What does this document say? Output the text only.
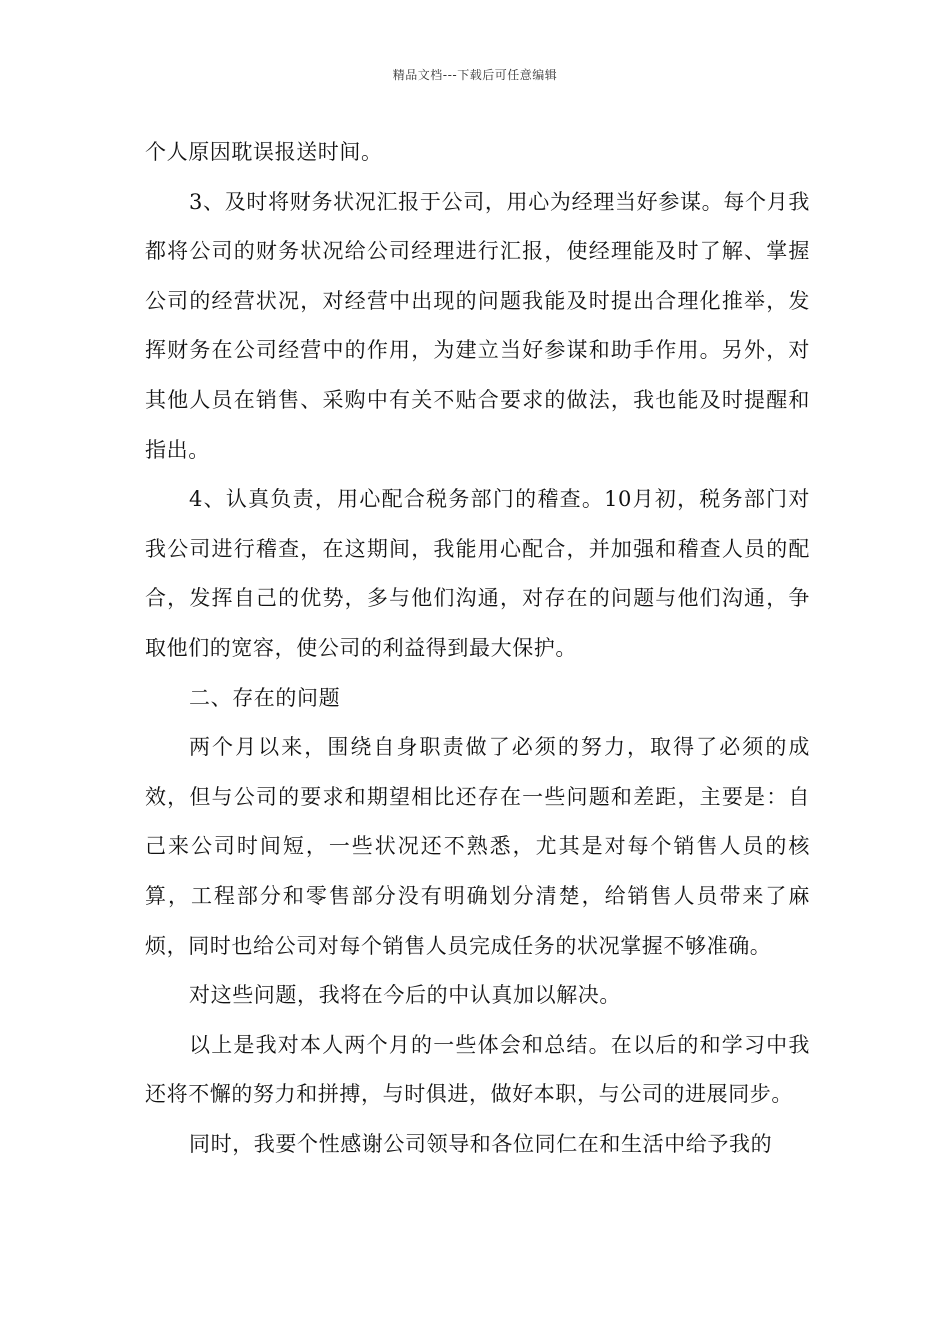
精品文档---下载后可任意编辑

个人原因耽误报送时间。

3、及时将财务状况汇报于公司，用心为经理当好参谋。每个月我都将公司的财务状况给公司经理进行汇报，使经理能及时了解、掌握公司的经营状况，对经营中出现的问题我能及时提出合理化推举，发挥财务在公司经营中的作用，为建立当好参谋和助手作用。另外，对其他人员在销售、采购中有关不贴合要求的做法，我也能及时提醒和指出。

4、认真负责，用心配合税务部门的稽查。10月初，税务部门对我公司进行稽查，在这期间，我能用心配合，并加强和稽查人员的配合，发挥自己的优势，多与他们沟通，对存在的问题与他们沟通，争取他们的宽容，使公司的利益得到最大保护。

二、存在的问题

两个月以来，围绕自身职责做了必须的努力，取得了必须的成效，但与公司的要求和期望相比还存在一些问题和差距，主要是：自己来公司时间短，一些状况还不熟悉，尤其是对每个销售人员的核算，工程部分和零售部分没有明确划分清楚，给销售人员带来了麻烦，同时也给公司对每个销售人员完成任务的状况掌握不够准确。

对这些问题，我将在今后的中认真加以解决。

以上是我对本人两个月的一些体会和总结。在以后的和学习中我还将不懈的努力和拼搏，与时俱进，做好本职，与公司的进展同步。

同时，我要个性感谢公司领导和各位同仁在和生活中给予我的
